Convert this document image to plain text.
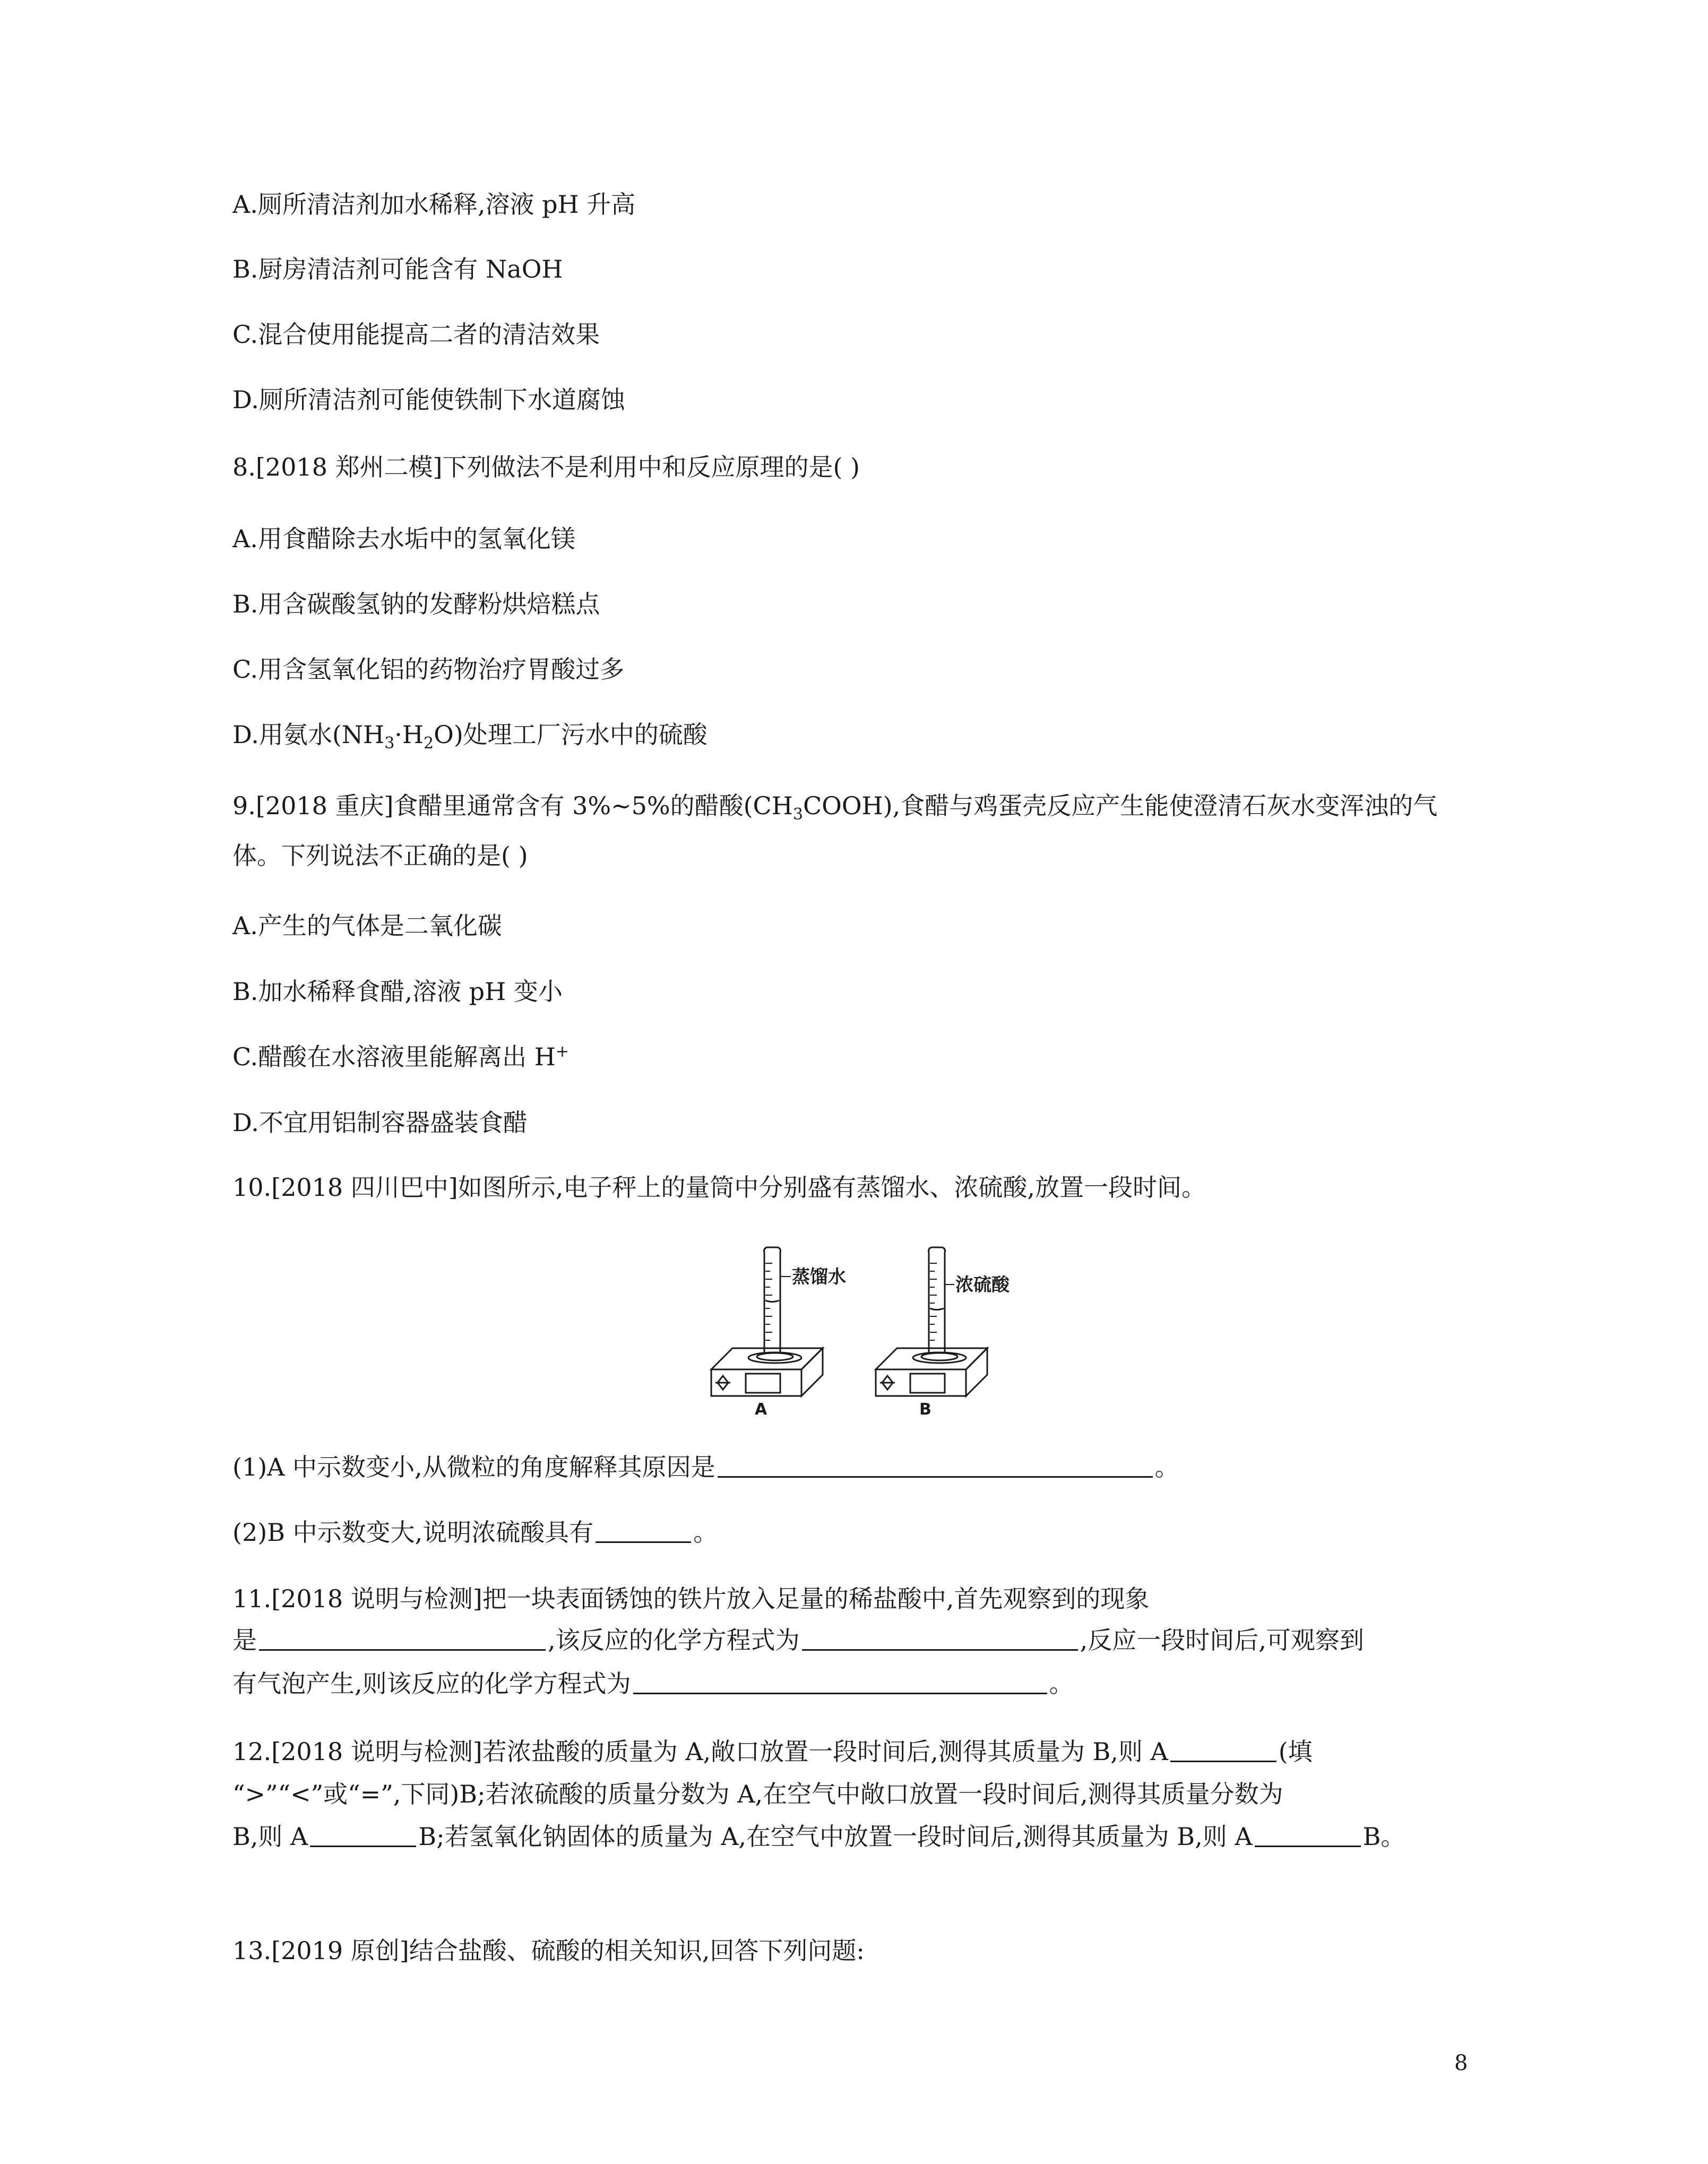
A.厕所清洁剂加水稀释,溶液 pH 升高
B.厨房清洁剂可能含有 NaOH
C.混合使用能提高二者的清洁效果
D.厕所清洁剂可能使铁制下水道腐蚀
8.[2018 郑州二模]下列做法不是利用中和反应原理的是( )
A.用食醋除去水垢中的氢氧化镁
B.用含碳酸氢钠的发酵粉烘焙糕点
C.用含氢氧化铝的药物治疗胃酸过多
D.用氨水$(NH_3\cdot H_2O)$处理工厂污水中的硫酸
9.[2018 重庆]食醋里通常含有 3%~5%的醋酸$(CH_3COOH)$,食醋与鸡蛋壳反应产生能使澄清石灰水变浑浊的气
体。下列说法不正确的是( )
A.产生的气体是二氧化碳
B.加水稀释食醋,溶液 pH 变小
C.醋酸在水溶液里能解离出 H+
D.不宜用铝制容器盛装食醋
10.[2018 四川巴中]如图所示,电子秤上的量筒中分别盛有蒸馏水、浓硫酸,放置一段时间。
蒸馏水	浓硫酸
A	B
(1)A 中示数变小,从微粒的角度解释其原因是	。
(2)B 中示数变大,说明浓硫酸具有	。
11.[2018 说明与检测]把一块表面锈蚀的铁片放入足量的稀盐酸中,首先观察到的现象
是	,该反应的化学方程式为	,反应一段时间后,可观察到
有气泡产生,则该反应的化学方程式为	。
12.[2018 说明与检测]若浓盐酸的质量为 A,敞口放置一段时间后,测得其质量为 B,则 A	(填
“>”“<”或“=”,下同)B;若浓硫酸的质量分数为 A,在空气中敞口放置一段时间后,测得其质量分数为
B,则 A	B;若氢氧化钠固体的质量为 A,在空气中放置一段时间后,测得其质量为 B,则 A	B。
13.[2019 原创]结合盐酸、硫酸的相关知识,回答下列问题:
8
